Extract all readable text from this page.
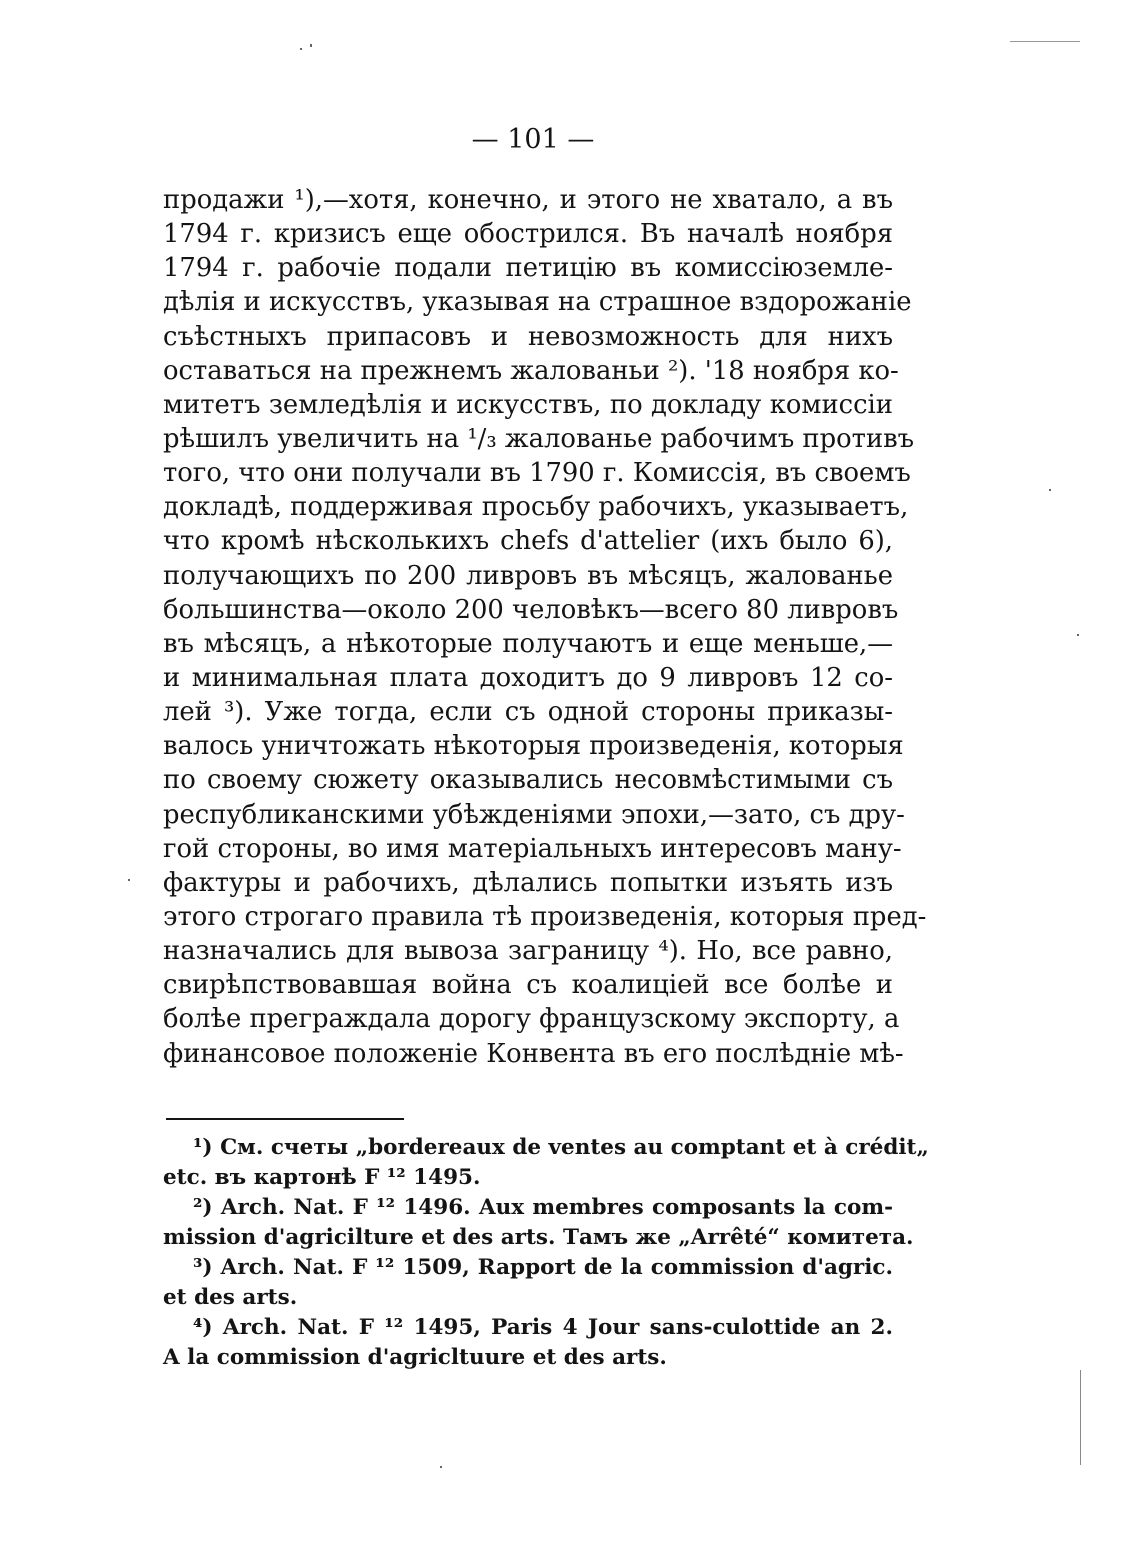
— 101 —
продажи ¹),—хотя, конечно, и этого не хватало, а въ
1794 г. кризисъ еще обострился. Въ началѣ ноября
1794 г. рабочіе подали петицію въ комиссіюземле-
дѣлія и искусствъ, указывая на страшное вздорожаніе
съѣстныхъ припасовъ и невозможность для нихъ
оставаться на прежнемъ жалованьи ²). '18 ноября ко-
митетъ земледѣлія и искусствъ, по докладу комиссіи
рѣшилъ увеличить на ¹/₃ жалованье рабочимъ противъ
того, что они получали въ 1790 г. Комиссія, въ своемъ
докладѣ, поддерживая просьбу рабочихъ, указываетъ,
что кромѣ нѣсколькихъ chefs d'attelier (ихъ было 6),
получающихъ по 200 ливровъ въ мѣсяцъ, жалованье
большинства—около 200 человѣкъ—всего 80 ливровъ
въ мѣсяцъ, а нѣкоторые получаютъ и еще меньше,—
и минимальная плата доходитъ до 9 ливровъ 12 со-
лей ³). Уже тогда, если съ одной стороны приказы-
валось уничтожать нѣкоторыя произведенія, которыя
по своему сюжету оказывались несовмѣстимыми съ
республиканскими убѣжденіями эпохи,—зато, съ дру-
гой стороны, во имя матеріальныхъ интересовъ ману-
фактуры и рабочихъ, дѣлались попытки изъять изъ
этого строгаго правила тѣ произведенія, которыя пред-
назначались для вывоза заграницу ⁴). Но, все равно,
свирѣпствовавшая война съ коалиціей все болѣе и
болѣе преграждала дорогу французскому экспорту, а
финансовое положеніе Конвента въ его послѣдніе мѣ-
¹) См. счеты „bordereaux de ventes au comptant et à crédit„
etc. въ картонѣ F ¹² 1495.
²) Arch. Nat. F ¹² 1496. Aux membres composants la com-
mission d'agricilture et des arts. Тамъ же „Arrêté“ комитета.
³) Arch. Nat. F ¹² 1509, Rapport de la commission d'agric.
et des arts.
⁴) Arch. Nat. F ¹² 1495, Paris 4 Jour sans-culottide an 2.
A la commission d'agricltuure et des arts.
